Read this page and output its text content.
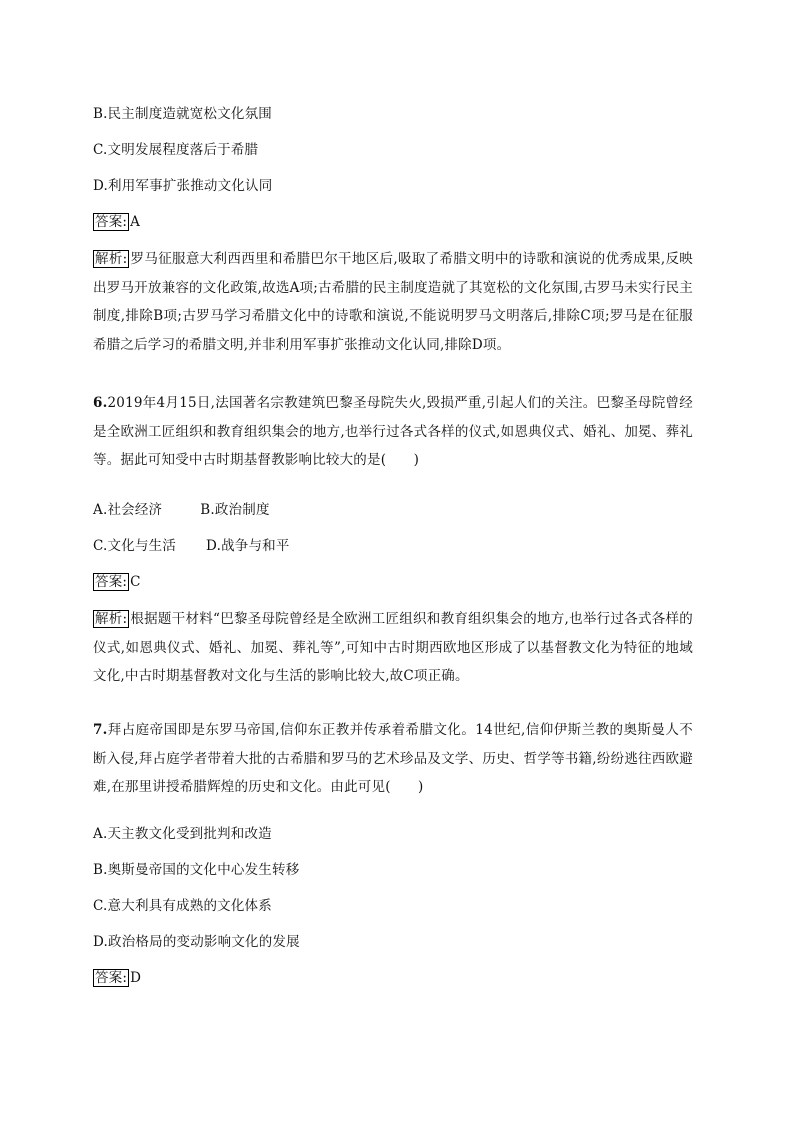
B.民主制度造就宽松文化氛围
C.文明发展程度落后于希腊
D.利用军事扩张推动文化认同
答案: A
解析: 罗马征服意大利西西里和希腊巴尔干地区后,吸取了希腊文明中的诗歌和演说的优秀成果,反映出罗马开放兼容的文化政策,故选A项;古希腊的民主制度造就了其宽松的文化氛围,古罗马未实行民主制度,排除B项;古罗马学习希腊文化中的诗歌和演说,不能说明罗马文明落后,排除C项;罗马是在征服希腊之后学习的希腊文明,并非利用军事扩张推动文化认同,排除D项。
6.2019年4月15日,法国著名宗教建筑巴黎圣母院失火,毁损严重,引起人们的关注。巴黎圣母院曾经是全欧洲工匠组织和教育组织集会的地方,也举行过各式各样的仪式,如恩典仪式、婚礼、加冕、葬礼等。据此可知受中古时期基督教影响比较大的是(　　)
A.社会经济	B.政治制度
C.文化与生活 D.战争与和平
答案: C
解析: 根据题干材料“巴黎圣母院曾经是全欧洲工匠组织和教育组织集会的地方,也举行过各式各样的仪式,如恩典仪式、婚礼、加冕、葬礼等”,可知中古时期西欧地区形成了以基督教文化为特征的地域文化,中古时期基督教对文化与生活的影响比较大,故C项正确。
7.拜占庭帝国即是东罗马帝国,信仰东正教并传承着希腊文化。14世纪,信仰伊斯兰教的奥斯曼人不断入侵,拜占庭学者带着大批的古希腊和罗马的艺术珍品及文学、历史、哲学等书籍,纷纷逃往西欧避难,在那里讲授希腊辉煌的历史和文化。由此可见(　　)
A.天主教文化受到批判和改造
B.奥斯曼帝国的文化中心发生转移
C.意大利具有成熟的文化体系
D.政治格局的变动影响文化的发展
答案: D
